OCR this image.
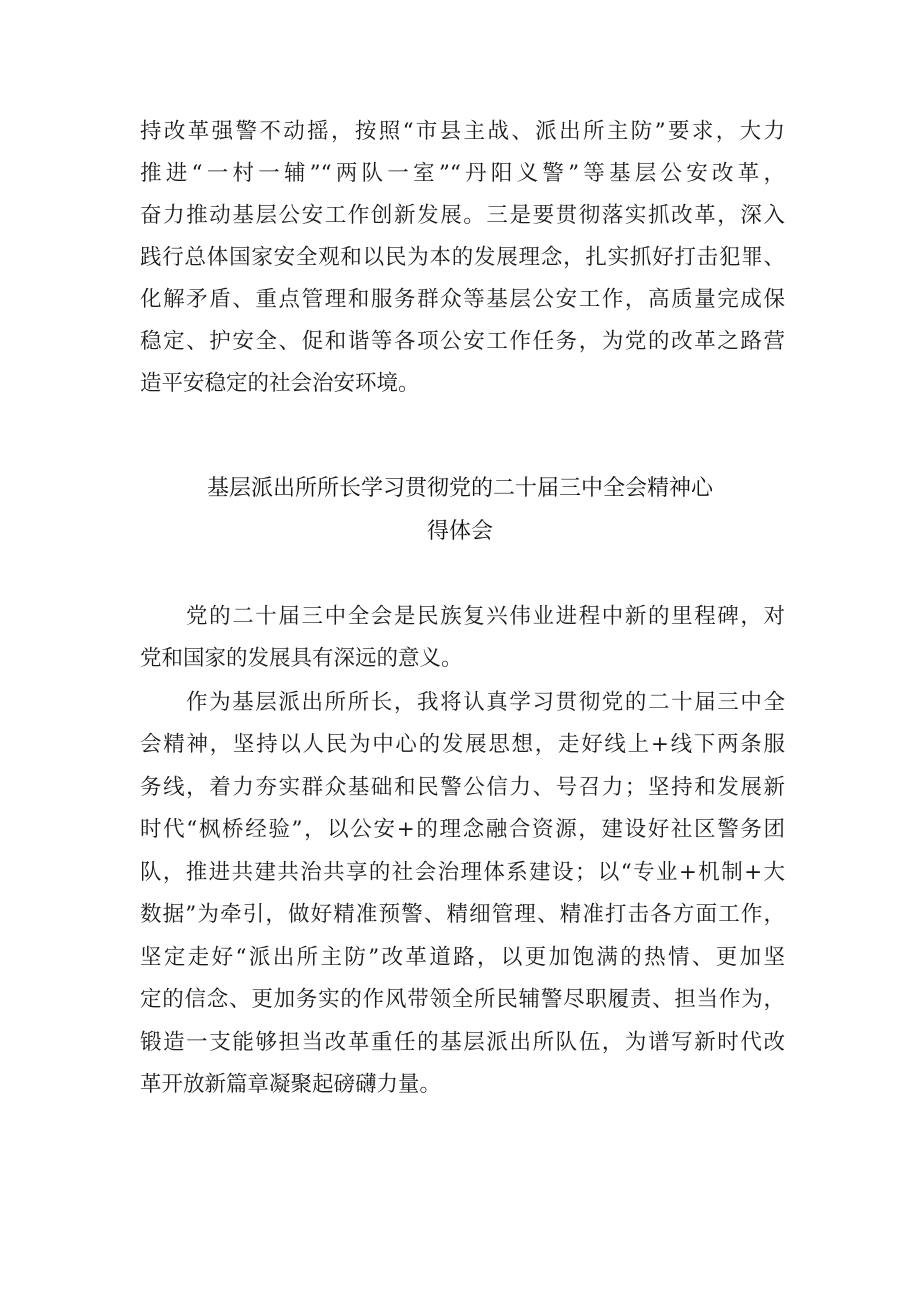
持改革强警不动摇，按照“市县主战、派出所主防”要求，大力
推进“一村一辅”“两队一室”“丹阳义警”等基层公安改革，
奋力推动基层公安工作创新发展。三是要贯彻落实抓改革，深入
践行总体国家安全观和以民为本的发展理念，扎实抓好打击犯罪、
化解矛盾、重点管理和服务群众等基层公安工作，高质量完成保
稳定、护安全、促和谐等各项公安工作任务，为党的改革之路营
造平安稳定的社会治安环境。
基层派出所所长学习贯彻党的二十届三中全会精神心
得体会
党的二十届三中全会是民族复兴伟业进程中新的里程碑，对
党和国家的发展具有深远的意义。
作为基层派出所所长，我将认真学习贯彻党的二十届三中全
会精神，坚持以人民为中心的发展思想，走好线上+线下两条服
务线，着力夯实群众基础和民警公信力、号召力；坚持和发展新
时代“枫桥经验”，以公安+的理念融合资源，建设好社区警务团
队，推进共建共治共享的社会治理体系建设；以“专业+机制+大
数据”为牵引，做好精准预警、精细管理、精准打击各方面工作，
坚定走好“派出所主防”改革道路，以更加饱满的热情、更加坚
定的信念、更加务实的作风带领全所民辅警尽职履责、担当作为，
锻造一支能够担当改革重任的基层派出所队伍，为谱写新时代改
革开放新篇章凝聚起磅礴力量。
